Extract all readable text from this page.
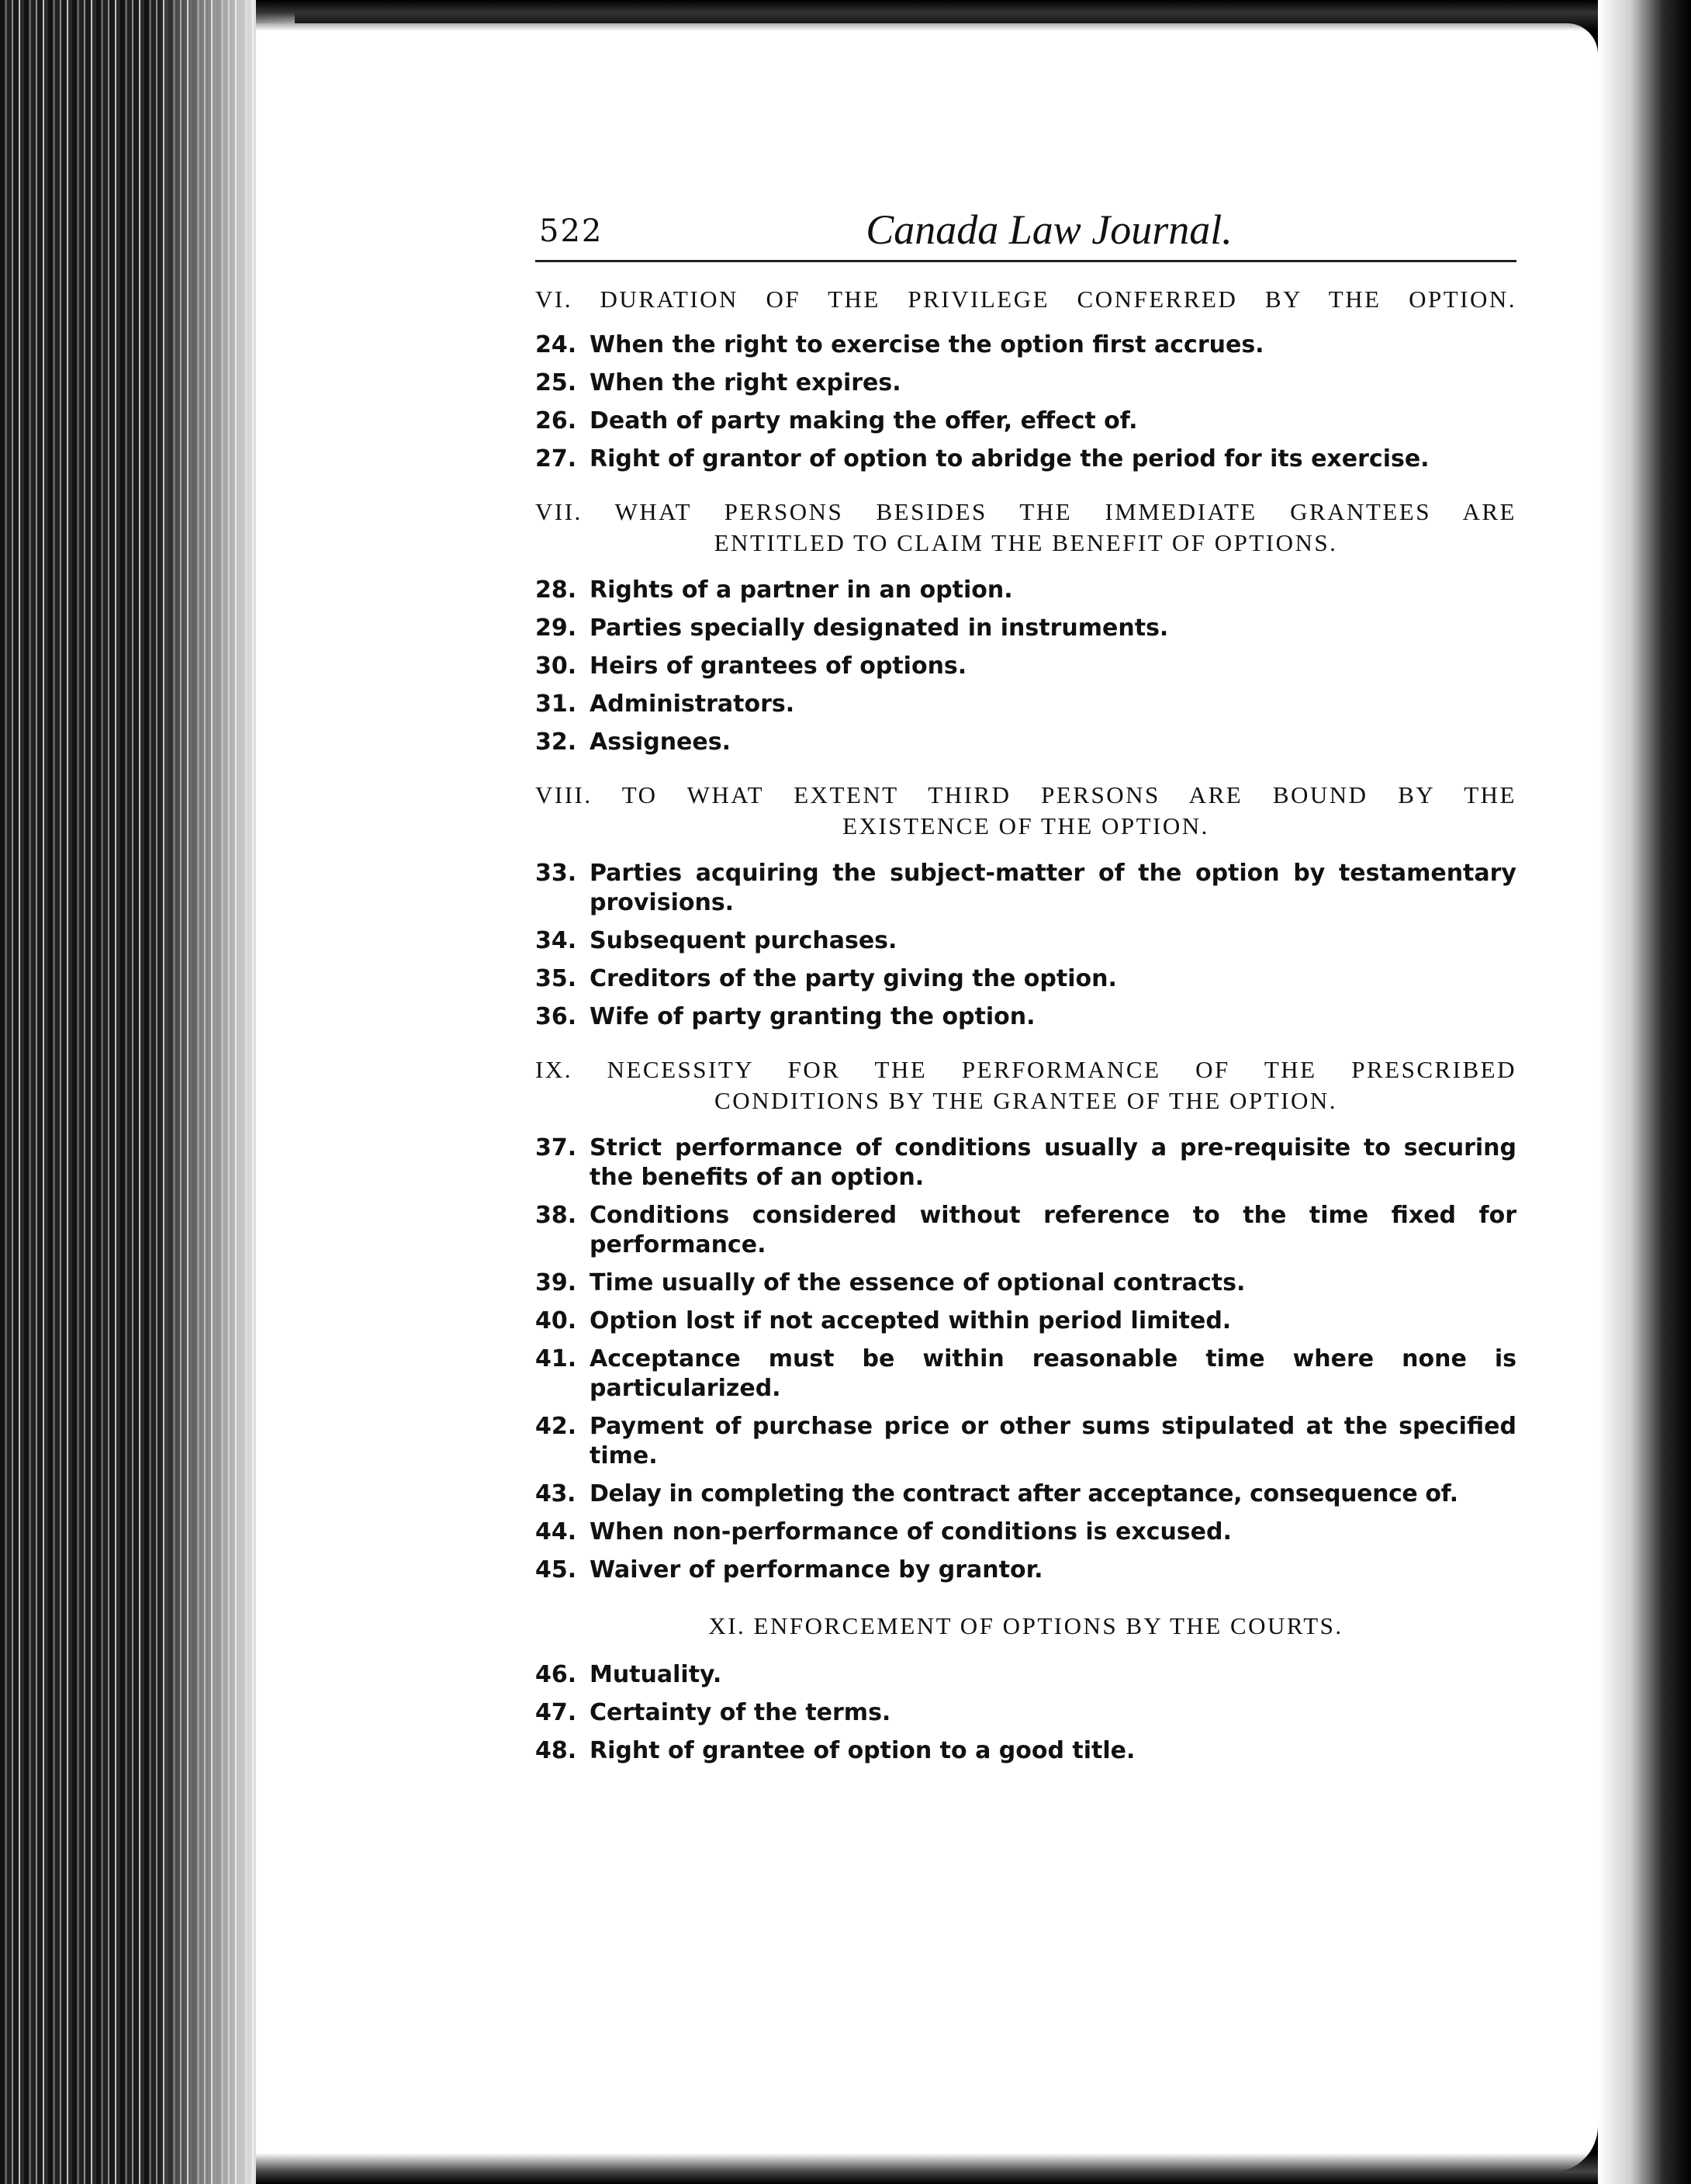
522	Canada Law Journal.

VI. DURATION OF THE PRIVILEGE CONFERRED BY THE OPTION.

24. When the right to exercise the option first accrues.
25. When the right expires.
26. Death of party making the offer, effect of.
27. Right of grantor of option to abridge the period for its exercise.

VII. WHAT PERSONS BESIDES THE IMMEDIATE GRANTEES ARE
ENTITLED TO CLAIM THE BENEFIT OF OPTIONS.

28. Rights of a partner in an option.
29. Parties specially designated in instruments.
30. Heirs of grantees of options.
31. Administrators.
32. Assignees.

VIII. TO WHAT EXTENT THIRD PERSONS ARE BOUND BY THE
EXISTENCE OF THE OPTION.

33. Parties acquiring the subject-matter of the option by testamentary provisions.
34. Subsequent purchases.
35. Creditors of the party giving the option.
36. Wife of party granting the option.

IX. NECESSITY FOR THE PERFORMANCE OF THE PRESCRIBED
CONDITIONS BY THE GRANTEE OF THE OPTION.

37. Strict performance of conditions usually a pre-requisite to securing the benefits of an option.
38. Conditions considered without reference to the time fixed for performance.
39. Time usually of the essence of optional contracts.
40. Option lost if not accepted within period limited.
41. Acceptance must be within reasonable time where none is particularized.
42. Payment of purchase price or other sums stipulated at the specified time.
43. Delay in completing the contract after acceptance, consequence of.
44. When non-performance of conditions is excused.
45. Waiver of performance by grantor.

XI. ENFORCEMENT OF OPTIONS BY THE COURTS.

46. Mutuality.
47. Certainty of the terms.
48. Right of grantee of option to a good title.
